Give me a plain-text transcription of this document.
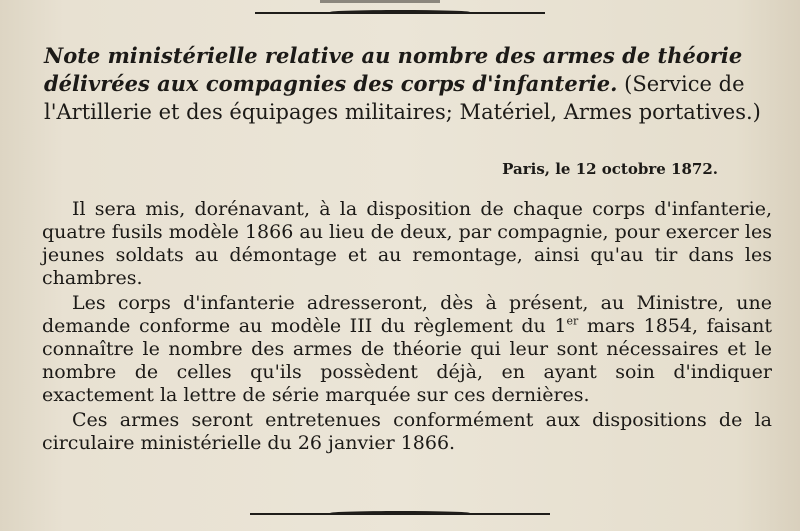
Note ministérielle relative au nombre des armes de théorie délivrées aux compagnies des corps d'infanterie. (Service de l'Artillerie et des équipages militaires; Matériel, Armes portatives.)
Paris, le 12 octobre 1872.

Il sera mis, dorénavant, à la disposition de chaque corps d'infanterie, quatre fusils modèle 1866 au lieu de deux, par compagnie, pour exercer les jeunes soldats au démontage et au remontage, ainsi qu'au tir dans les chambres.

Les corps d'infanterie adresseront, dès à présent, au Ministre, une demande conforme au modèle III du règlement du 1er mars 1854, faisant connaître le nombre des armes de théorie qui leur sont nécessaires et le nombre de celles qu'ils possèdent déjà, en ayant soin d'indiquer exactement la lettre de série marquée sur ces dernières.

Ces armes seront entretenues conformément aux dispositions de la circulaire ministérielle du 26 janvier 1866.
